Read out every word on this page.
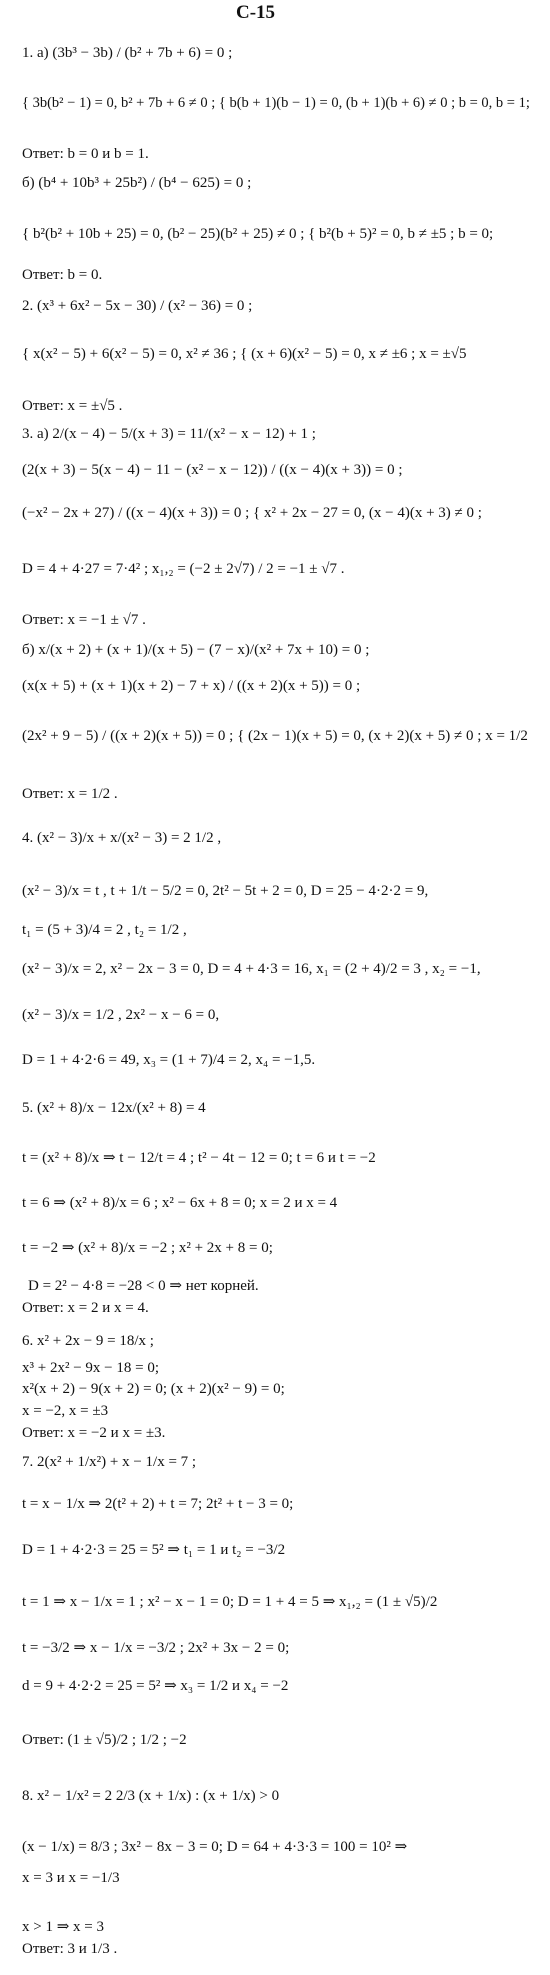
С-15
1. а) (3b³ − 3b) / (b² + 7b + 6) = 0 ;
{ 3b(b² − 1) = 0, b² + 7b + 6 ≠ 0 ; { b(b + 1)(b − 1) = 0, (b + 1)(b + 6) ≠ 0 ; b = 0, b = 1;
Ответ: b = 0 и b = 1.
б) (b⁴ + 10b³ + 25b²) / (b⁴ − 625) = 0 ;
{ b²(b² + 10b + 25) = 0, (b² − 25)(b² + 25) ≠ 0 ; { b²(b + 5)² = 0, b ≠ ±5 ; b = 0;
Ответ: b = 0.
2. (x³ + 6x² − 5x − 30) / (x² − 36) = 0 ;
{ x(x² − 5) + 6(x² − 5) = 0, x² ≠ 36 ; { (x + 6)(x² − 5) = 0, x ≠ ±6 ; x = ±√5
Ответ: x = ±√5 .
3. а) 2/(x − 4) − 5/(x + 3) = 11/(x² − x − 12) + 1 ;
(2(x + 3) − 5(x − 4) − 11 − (x² − x − 12)) / ((x − 4)(x + 3)) = 0 ;
(−x² − 2x + 27) / ((x − 4)(x + 3)) = 0 ; { x² + 2x − 27 = 0, (x − 4)(x + 3) ≠ 0 ;
D = 4 + 4·27 = 7·4² ; x₁,₂ = (−2 ± 2√7) / 2 = −1 ± √7 .
Ответ: x = −1 ± √7 .
б) x/(x + 2) + (x + 1)/(x + 5) − (7 − x)/(x² + 7x + 10) = 0 ;
(x(x + 5) + (x + 1)(x + 2) − 7 + x) / ((x + 2)(x + 5)) = 0 ;
(2x² + 9 − 5) / ((x + 2)(x + 5)) = 0 ; { (2x − 1)(x + 5) = 0, (x + 2)(x + 5) ≠ 0 ; x = 1/2
Ответ: x = 1/2 .
4. (x² − 3)/x + x/(x² − 3) = 2 1/2 ,
(x² − 3)/x = t , t + 1/t − 5/2 = 0, 2t² − 5t + 2 = 0, D = 25 − 4·2·2 = 9,
t₁ = (5 + 3)/4 = 2 , t₂ = 1/2 ,
(x² − 3)/x = 2, x² − 2x − 3 = 0, D = 4 + 4·3 = 16, x₁ = (2 + 4)/2 = 3 , x₂ = −1,
(x² − 3)/x = 1/2 , 2x² − x − 6 = 0,
D = 1 + 4·2·6 = 49, x₃ = (1 + 7)/4 = 2, x₄ = −1,5.
5. (x² + 8)/x − 12x/(x² + 8) = 4
t = (x² + 8)/x ⇒ t − 12/t = 4 ; t² − 4t − 12 = 0; t = 6 и t = −2
t = 6 ⇒ (x² + 8)/x = 6 ; x² − 6x + 8 = 0; x = 2 и x = 4
t = −2 ⇒ (x² + 8)/x = −2 ; x² + 2x + 8 = 0;
D = 2² − 4·8 = −28 < 0 ⇒ нет корней.
Ответ: x = 2 и x = 4.
6. x² + 2x − 9 = 18/x ;
x³ + 2x² − 9x − 18 = 0;
x²(x + 2) − 9(x + 2) = 0; (x + 2)(x² − 9) = 0;
x = −2, x = ±3
Ответ: x = −2 и x = ±3.
7. 2(x² + 1/x²) + x − 1/x = 7 ;
t = x − 1/x ⇒ 2(t² + 2) + t = 7; 2t² + t − 3 = 0;
D = 1 + 4·2·3 = 25 = 5² ⇒ t₁ = 1 и t₂ = −3/2
t = 1 ⇒ x − 1/x = 1 ; x² − x − 1 = 0; D = 1 + 4 = 5 ⇒ x₁,₂ = (1 ± √5)/2
t = −3/2 ⇒ x − 1/x = −3/2 ; 2x² + 3x − 2 = 0;
d = 9 + 4·2·2 = 25 = 5² ⇒ x₃ = 1/2 и x₄ = −2
Ответ: (1 ± √5)/2 ; 1/2 ; −2
8. x² − 1/x² = 2 2/3 (x + 1/x) : (x + 1/x) > 0
(x − 1/x) = 8/3 ; 3x² − 8x − 3 = 0; D = 64 + 4·3·3 = 100 = 10² ⇒
x = 3 и x = −1/3
x > 1 ⇒ x = 3
Ответ: 3 и 1/3 .
